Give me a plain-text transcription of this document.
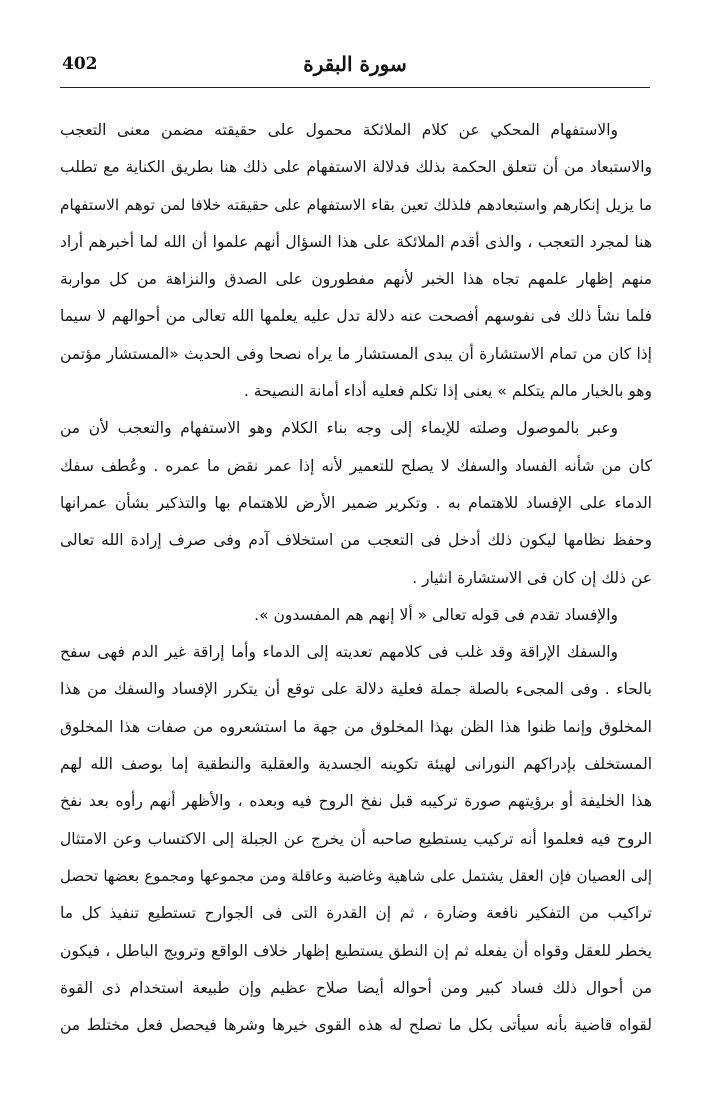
402	سورة البقرة
والاستفهام المحكي عن كلام الملائكة محمول على حقيقته مضمن معنى التعجب
والاستبعاد من أن تتعلق الحكمة بذلك فدلالة الاستفهام على ذلك هنا بطريق الكناية مع تطلب
ما يزيل إنكارهم واستبعادهم فلذلك تعين بقاء الاستفهام على حقيقته خلافا لمن توهم الاستفهام
هنا لمجرد التعجب ، والذى أقدم الملائكة على هذا السؤال أنهم علموا أن الله لما أخبرهم أراد
منهم إظهار علمهم تجاه هذا الخبر لأنهم مفطورون على الصدق والنزاهة من كل مواربة
فلما نشأ ذلك فى نفوسهم أفصحت عنه دلالة تدل عليه يعلمها الله تعالى من أحوالهم لا سيما
إذا كان من تمام الاستشارة أن يبدى المستشار ما يراه نصحا وفى الحديث «المستشار مؤتمن
وهو بالخيار مالم يتكلم » يعنى إذا تكلم فعليه أداء أمانة النصيحة .
وعبر بالموصول وصلته للإيماء إلى وجه بناء الكلام وهو الاستفهام والتعجب لأن من
كان من شأنه الفساد والسفك لا يصلح للتعمير لأنه إذا عمر نقض ما عمره . وعُطف سفك
الدماء على الإفساد للاهتمام به . وتكرير ضمير الأرض للاهتمام بها والتذكير بشأن عمرانها
وحفظ نظامها ليكون ذلك أدخل فى التعجب من استخلاف آدم وفى صرف إرادة الله تعالى
عن ذلك إن كان فى الاستشارة انثيار .
والإفساد تقدم فى قوله تعالى « ألا إنهم هم المفسدون ».
والسفك الإراقة وقد غلب فى كلامهم تعديته إلى الدماء وأما إراقة غير الدم فهى سفح
بالحاء . وفى المجىء بالصلة جملة فعلية دلالة على توقع أن يتكرر الإفساد والسفك من هذا
المخلوق وإنما ظنوا هذا الظن بهذا المخلوق من جهة ما استشعروه من صفات هذا المخلوق
المستخلف بإدراكهم النورانى لهيئة تكوينه الجسدية والعقلية والنطقية إما بوصف الله لهم
هذا الخليفة أو برؤيتهم صورة تركيبه قبل نفخ الروح فيه وبعده ، والأظهر أنهم رأوه بعد نفخ
الروح فيه فعلموا أنه تركيب يستطيع صاحبه أن يخرج عن الجبلة إلى الاكتساب وعن الامتثال
إلى العصيان فإن العقل يشتمل على شاهية وغاضبة وعاقلة ومن مجموعها ومجموع بعضها تحصل
تراكيب من التفكير نافعة وضارة ، ثم إن القدرة التى فى الجوارح تستطيع تنفيذ كل ما
يخطر للعقل وقواه أن يفعله ثم إن النطق يستطيع إظهار خلاف الواقع وترويج الباطل ، فيكون
من أحوال ذلك فساد كبير ومن أحواله أيضا صلاح عظيم وإن طبيعة استخدام ذى القوة
لقواه قاضية بأنه سيأتى بكل ما تصلح له هذه القوى خيرها وشرها فيحصل فعل مختلط من
